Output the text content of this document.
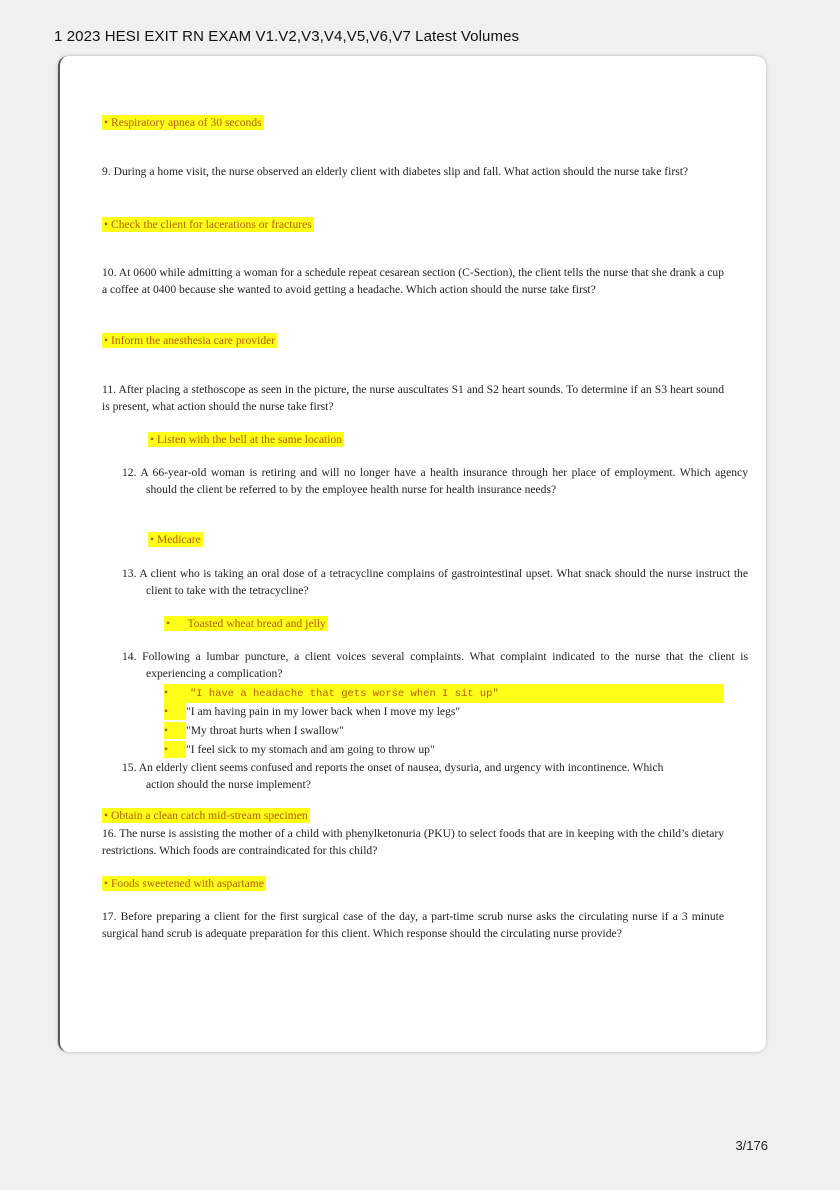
1 2023 HESI EXIT RN EXAM V1.V2,V3,V4,V5,V6,V7 Latest Volumes
• Respiratory apnea of 30 seconds
9. During a home visit, the nurse observed an elderly client with diabetes slip and fall. What action should the nurse take first?
• Check the client for lacerations or fractures
10. At 0600 while admitting a woman for a schedule repeat cesarean section (C-Section), the client tells the nurse that she drank a cup a coffee at 0400 because she wanted to avoid getting a headache. Which action should the nurse take first?
• Inform the anesthesia care provider
11. After placing a stethoscope as seen in the picture, the nurse auscultates S1 and S2 heart sounds. To determine if an S3 heart sound is present, what action should the nurse take first?
• Listen with the bell at the same location
12. A 66-year-old woman is retiring and will no longer have a health insurance through her place of employment. Which agency should the client be referred to by the employee health nurse for health insurance needs?
• Medicare
13. A client who is taking an oral dose of a tetracycline complains of gastrointestinal upset. What snack should the nurse instruct the client to take with the tetracycline?
• Toasted wheat bread and jelly
14. Following a lumbar puncture, a client voices several complaints. What complaint indicated to the nurse that the client is experiencing a complication?
• "I have a headache that gets worse when I sit up"
• "I am having pain in my lower back when I move my legs"
• "My throat hurts when I swallow"
• "I feel sick to my stomach and am going to throw up"
15. An elderly client seems confused and reports the onset of nausea, dysuria, and urgency with incontinence. Which action should the nurse implement?
• Obtain a clean catch mid-stream specimen
16. The nurse is assisting the mother of a child with phenylketonuria (PKU) to select foods that are in keeping with the child’s dietary restrictions. Which foods are contraindicated for this child?
• Foods sweetened with aspartame
17. Before preparing a client for the first surgical case of the day, a part-time scrub nurse asks the circulating nurse if a 3 minute surgical hand scrub is adequate preparation for this client. Which response should the circulating nurse provide?
3/176
